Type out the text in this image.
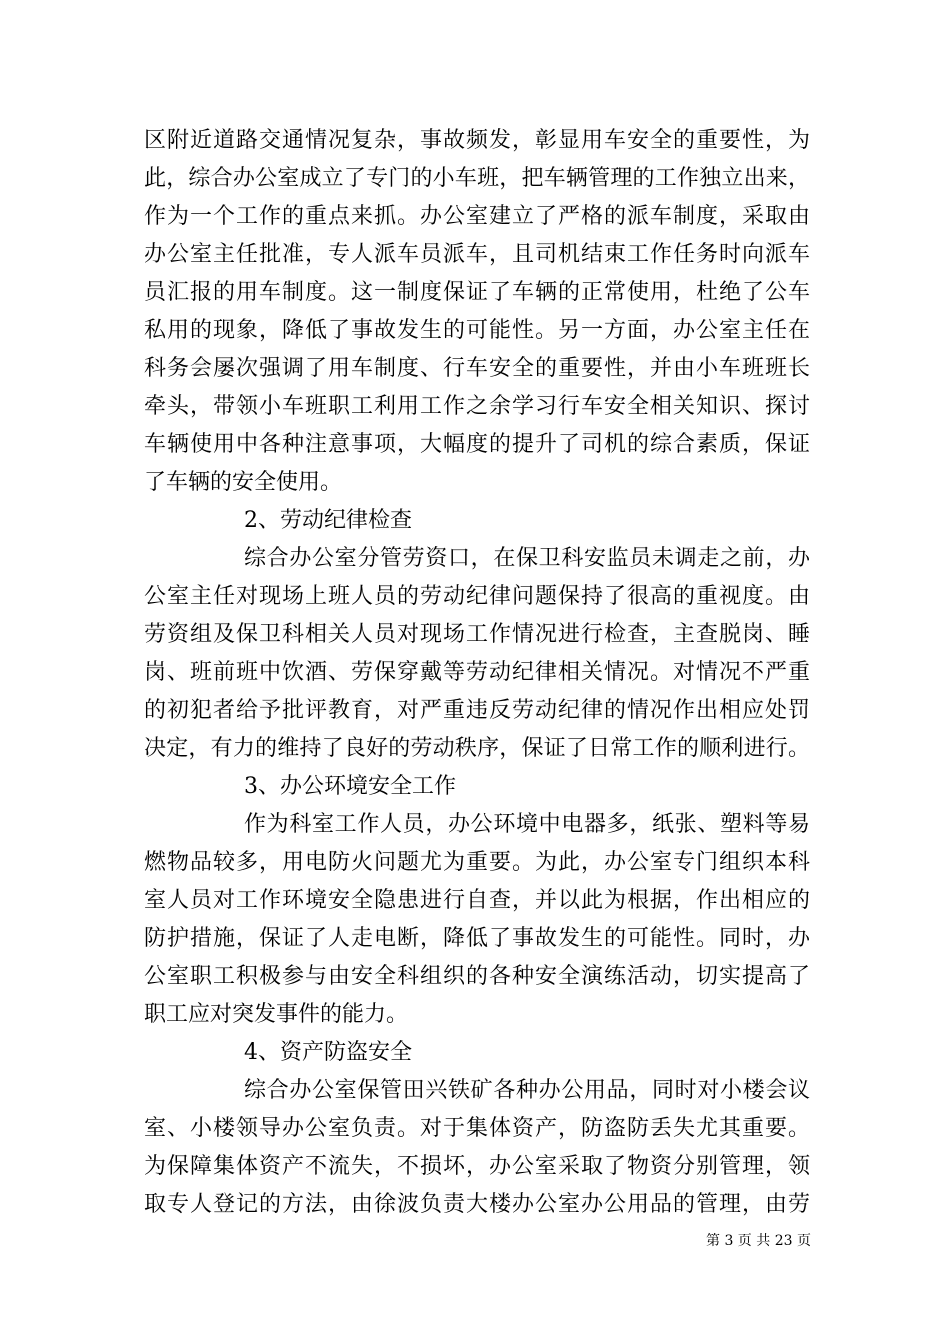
区附近道路交通情况复杂，事故频发，彰显用车安全的重要性，为
此，综合办公室成立了专门的小车班，把车辆管理的工作独立出来，
作为一个工作的重点来抓。办公室建立了严格的派车制度，采取由
办公室主任批准，专人派车员派车，且司机结束工作任务时向派车
员汇报的用车制度。这一制度保证了车辆的正常使用，杜绝了公车
私用的现象，降低了事故发生的可能性。另一方面，办公室主任在
科务会屡次强调了用车制度、行车安全的重要性，并由小车班班长
牵头，带领小车班职工利用工作之余学习行车安全相关知识、探讨
车辆使用中各种注意事项，大幅度的提升了司机的综合素质，保证
了车辆的安全使用。
2、劳动纪律检查
综合办公室分管劳资口，在保卫科安监员未调走之前，办
公室主任对现场上班人员的劳动纪律问题保持了很高的重视度。由
劳资组及保卫科相关人员对现场工作情况进行检查，主查脱岗、睡
岗、班前班中饮酒、劳保穿戴等劳动纪律相关情况。对情况不严重
的初犯者给予批评教育，对严重违反劳动纪律的情况作出相应处罚
决定，有力的维持了良好的劳动秩序，保证了日常工作的顺利进行。
3、办公环境安全工作
作为科室工作人员，办公环境中电器多，纸张、塑料等易
燃物品较多，用电防火问题尤为重要。为此，办公室专门组织本科
室人员对工作环境安全隐患进行自查，并以此为根据，作出相应的
防护措施，保证了人走电断，降低了事故发生的可能性。同时，办
公室职工积极参与由安全科组织的各种安全演练活动，切实提高了
职工应对突发事件的能力。
4、资产防盗安全
综合办公室保管田兴铁矿各种办公用品，同时对小楼会议
室、小楼领导办公室负责。对于集体资产，防盗防丢失尤其重要。
为保障集体资产不流失，不损坏，办公室采取了物资分别管理，领
取专人登记的方法，由徐波负责大楼办公室办公用品的管理，由劳
第 3 页 共 23 页
